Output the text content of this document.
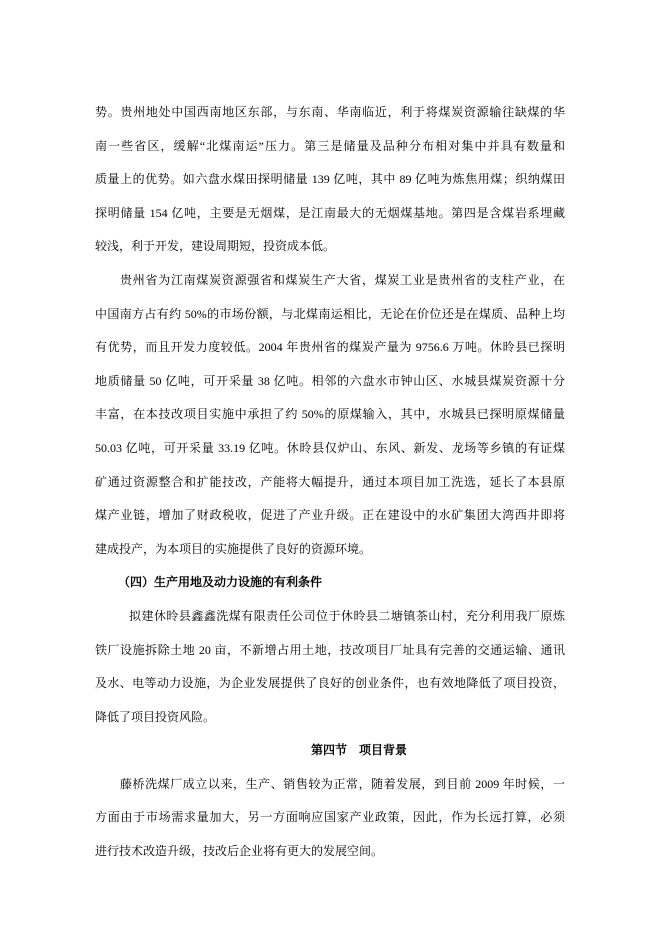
势。贵州地处中国西南地区东部，与东南、华南临近，利于将煤炭资源输往缺煤的华
南一些省区，缓解“北煤南运”压力。第三是储量及品种分布相对集中并具有数量和
质量上的优势。如六盘水煤田探明储量 139 亿吨，其中 89 亿吨为炼焦用煤；织纳煤田
探明储量 154 亿吨，主要是无烟煤，是江南最大的无烟煤基地。第四是含煤岩系埋藏
较浅，利于开发，建设周期短，投资成本低。
贵州省为江南煤炭资源强省和煤炭生产大省，煤炭工业是贵州省的支柱产业，在
中国南方占有约 50%的市场份额，与北煤南运相比，无论在价位还是在煤质、品种上均
有优势，而且开发力度较低。2004 年贵州省的煤炭产量为 9756.6 万吨。休昤县已探明
地质储量 50 亿吨，可开采量 38 亿吨。相邻的六盘水市钟山区、水城县煤炭资源十分
丰富，在本技改项目实施中承担了约 50%的原煤输入，其中，水城县已探明原煤储量
50.03 亿吨，可开采量 33.19 亿吨。休昤县仅炉山、东风、新发、龙场等乡镇的有证煤
矿通过资源整合和扩能技改，产能将大幅提升，通过本项目加工洗选，延长了本县原
煤产业链，增加了财政税收，促进了产业升级。正在建设中的水矿集团大湾西井即将
建成投产，为本项目的实施提供了良好的资源环境。
（四）生产用地及动力设施的有利条件
拟建休昤县鑫鑫洗煤有限责任公司位于休昤县二塘镇茶山村，充分利用我厂原炼
铁厂设施拆除土地 20 亩，不新增占用土地，技改项目厂址具有完善的交通运输、通讯
及水、电等动力设施，为企业发展提供了良好的创业条件，也有效地降低了项目投资，
降低了项目投资风险。
第四节　项目背景
藤桥洗煤厂成立以来，生产、销售较为正常，随着发展，到目前 2009 年时候，一
方面由于市场需求量加大，另一方面响应国家产业政策，因此，作为长远打算，必须
进行技术改造升级，技改后企业将有更大的发展空间。
